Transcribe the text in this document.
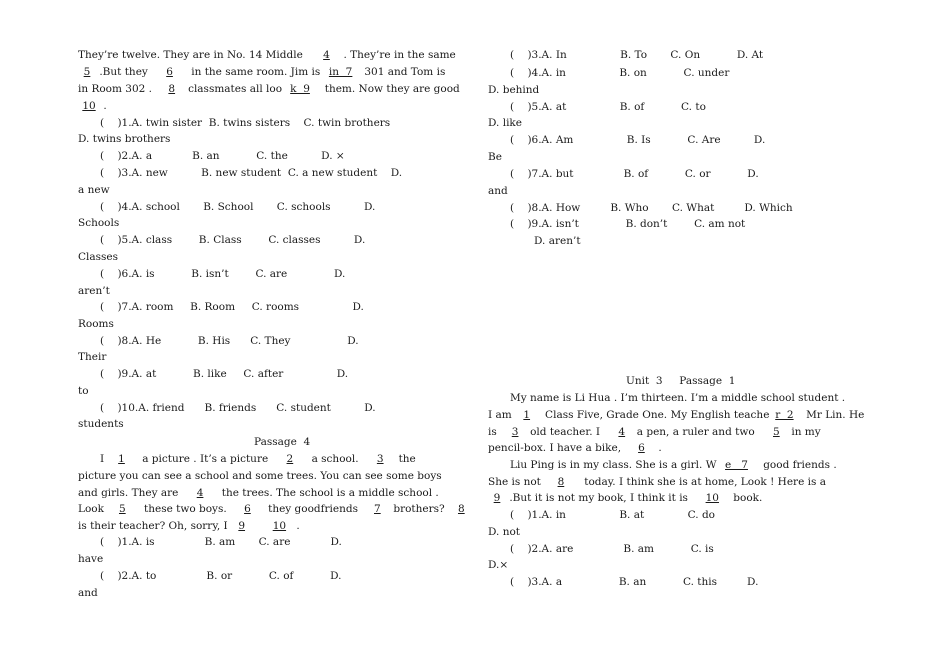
They’re twelve. They are in No. 14 Middle 4 . They’re in the same
5 .But they 6 in the same room. Jim is in  7 301 and Tom is
in Room 302 . 8 classmates all loo k  9 them. Now they are good
10 .
(    )1.A. twin sister  B. twins sisters    C. twin brothers
D. twins brothers
(    )2.A. a            B. an           C. the          D. ×
(    )3.A. new          B. new student  C. a new student    D.
a new
(    )4.A. school       B. School       C. schools          D.
Schools
(    )5.A. class        B. Class        C. classes          D.
Classes
(    )6.A. is           B. isn’t        C. are              D.
aren’t
(    )7.A. room     B. Room     C. rooms                D.
Rooms
(    )8.A. He           B. His      C. They                 D.
Their
(    )9.A. at           B. like     C. after                D.
to
(    )10.A. friend      B. friends      C. student          D.
students
Passage  4
I 1 a picture . It’s a picture 2 a school. 3 the
picture you can see a school and some trees. You can see some boys
and girls. They are 4 the trees. The school is a middle school .
Look 5 these two boys. 6 they goodfriends 7 brothers? 8
is their teacher? Oh, sorry, I 9	10 .
(    )1.A. is               B. am       C. are            D.
have
(    )2.A. to               B. or           C. of           D.
and
(    )3.A. In                B. To       C. On           D. At
(    )4.A. in                B. on           C. under
D. behind
(    )5.A. at                B. of           C. to
D. like
(    )6.A. Am                B. Is           C. Are          D.
Be
(    )7.A. but               B. of           C. or           D.
and
(    )8.A. How         B. Who       C. What         D. Which
(    )9.A. isn’t              B. don’t        C. am not
D. aren’t
Unit  3     Passage  1
My name is Li Hua . I’m thirteen. I’m a middle school student .
I am 1 Class Five, Grade One. My English teache r  2 Mr Lin. He
is 3 old teacher. I 4 a pen, a ruler and two 5 in my
pencil-box. I have a bike, 6 .
Liu Ping is in my class. She is a girl. W e   7 good friends .
She is not 8 today. I think she is at home, Look ! Here is a
9 .But it is not my book, I think it is 10 book.
(    )1.A. in                B. at             C. do
D. not
(    )2.A. are               B. am           C. is
D.×
(    )3.A. a                 B. an           C. this         D.
